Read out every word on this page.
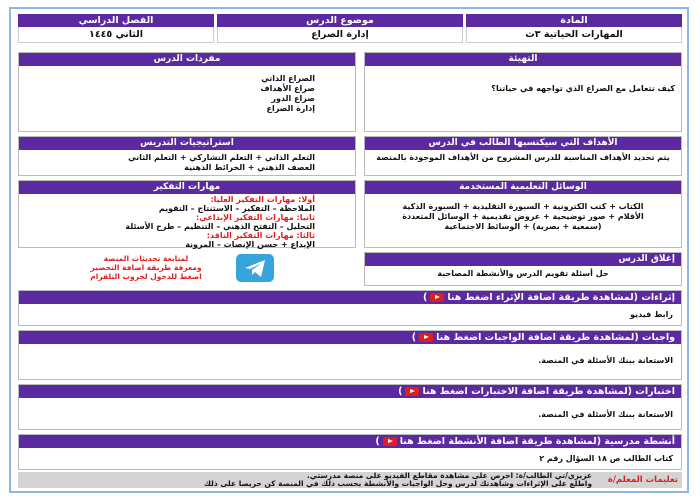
المادة
المهارات الحياتية ٣ث
موضوع الدرس
إدارة الصراع
الفصل الدراسي
الثاني ١٤٤٥
التهيئة
كيف تتعامل مع الصراع الذي تواجهه في حياتنا؟
مفردات الدرس
الصراع الذاتي
صراع الأهداف
صراع الدور
إدارة الصراع
الأهداف التي سيكتسبها الطالب في الدرس
يتم تحديد الأهداف المناسبة للدرس المشروح من الأهداف الموجودة بالمنصة
استراتيجيات التدريس
التعلم الذاتي + التعلم التشاركي + التعلم الثاني
العصف الذهني + الخرائط الذهنية
الوسائل التعليمية المستخدمة
الكتاب + كتب الكترونية + السبورة التقليدية + السبورة الذكية
الأقلام + صور توضيحية + عروض تقديمية + الوسائل المتعددة
(سمعية + بصرية) + الوسائط الاجتماعية
مهارات التفكير
أولا: مهارات التفكير العليا:
الملاحظة – التفكير – الاستنتاج – التقويم
ثانيا: مهارات التفكير الإبداعي:
التحليل – التفتح الذهني – التنظيم – طرح الأسئلة
ثالثا: مهارات التفكير الناقد:
الإبداع + حسن الإنصات – المرونة
إغلاق الدرس
حل أسئلة تقويم الدرس والأنشطة المصاحبة
لمتابعة تحديثات المنصة
ومعرفة طريقة اضافة التحضير
اضغط للدخول لجروب التلقرام
إثراءات (لمشاهدة طريقة اضافة الإثراء اضغط هنا)
رابط فيديو
واجبات (لمشاهدة طريقة اضافة الواجبات اضغط هنا)
الاستعانة ببنك الأسئلة في المنصة.
اختبارات (لمشاهدة طريقة اضافة الاختبارات اضغط هنا)
الاستعانة ببنك الأسئلة في المنصة.
أنشطة مدرسية (لمشاهدة طريقة اضافة الأنشطة اضغط هنا)
كتاب الطالب ص ١٨ السؤال رقم ٢
تعليمات المعلم/ة
عزيزي/تي الطالب/ة: احرص على مشاهدة مقاطع الفيديو على منصة مدرستي.
واطلع على الإثراءات وشاهدتك لدرس وحل الواجبات والأنشطة بحسب ذلك في المنصة كن حريصا على ذلك
